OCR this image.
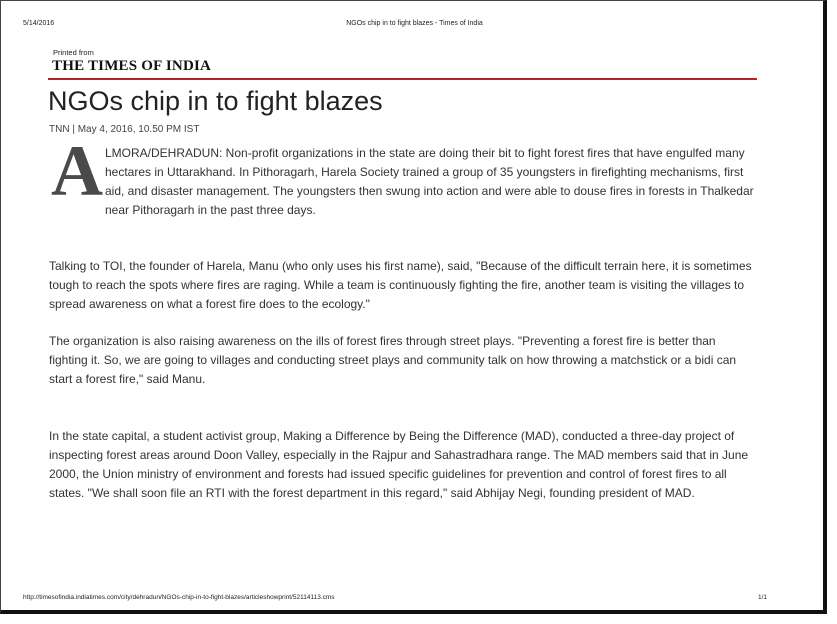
5/14/2016	NGOs chip in to fight blazes - Times of India
Printed from
THE TIMES OF INDIA
NGOs chip in to fight blazes
TNN | May 4, 2016, 10.50 PM IST
A LMORA/DEHRADUN: Non-profit organizations in the state are doing their bit to fight forest fires that have engulfed many hectares in Uttarakhand. In Pithoragarh, Harela Society trained a group of 35 youngsters in firefighting mechanisms, first aid, and disaster management. The youngsters then swung into action and were able to douse fires in forests in Thalkedar near Pithoragarh in the past three days.

Talking to TOI, the founder of Harela, Manu (who only uses his first name), said, "Because of the difficult terrain here, it is sometimes tough to reach the spots where fires are raging. While a team is continuously fighting the fire, another team is visiting the villages to spread awareness on what a forest fire does to the ecology."

The organization is also raising awareness on the ills of forest fires through street plays. "Preventing a forest fire is better than fighting it. So, we are going to villages and conducting street plays and community talk on how throwing a matchstick or a bidi can start a forest fire," said Manu.

In the state capital, a student activist group, Making a Difference by Being the Difference (MAD), conducted a three-day project of inspecting forest areas around Doon Valley, especially in the Rajpur and Sahastradhara range. The MAD members said that in June 2000, the Union ministry of environment and forests had issued specific guidelines for prevention and control of forest fires to all states. "We shall soon file an RTI with the forest department in this regard," said Abhijay Negi, founding president of MAD.

http://timesofindia.indiatimes.com/city/dehradun/NGOs-chip-in-to-fight-blazes/articleshowprint/52114113.cms	1/1
